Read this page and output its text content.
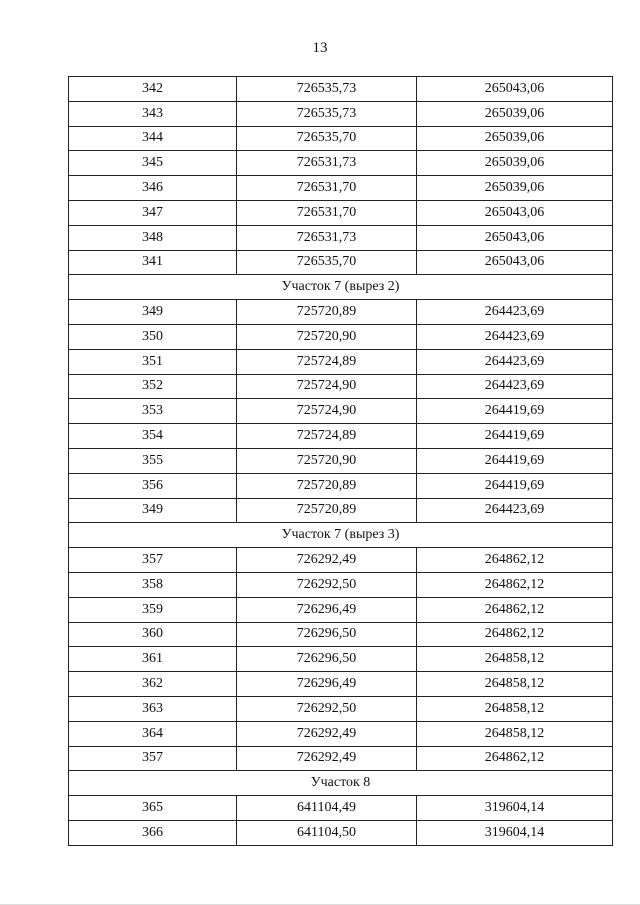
13
342	726535,73	265043,06
343	726535,73	265039,06
344	726535,70	265039,06
345	726531,73	265039,06
346	726531,70	265039,06
347	726531,70	265043,06
348	726531,73	265043,06
341	726535,70	265043,06
Участок 7 (вырез 2)		
349	725720,89	264423,69
350	725720,90	264423,69
351	725724,89	264423,69
352	725724,90	264423,69
353	725724,90	264419,69
354	725724,89	264419,69
355	725720,90	264419,69
356	725720,89	264419,69
349	725720,89	264423,69
Участок 7 (вырез 3)		
357	726292,49	264862,12
358	726292,50	264862,12
359	726296,49	264862,12
360	726296,50	264862,12
361	726296,50	264858,12
362	726296,49	264858,12
363	726292,50	264858,12
364	726292,49	264858,12
357	726292,49	264862,12
Участок 8		
365	641104,49	319604,14
366	641104,50	319604,14
